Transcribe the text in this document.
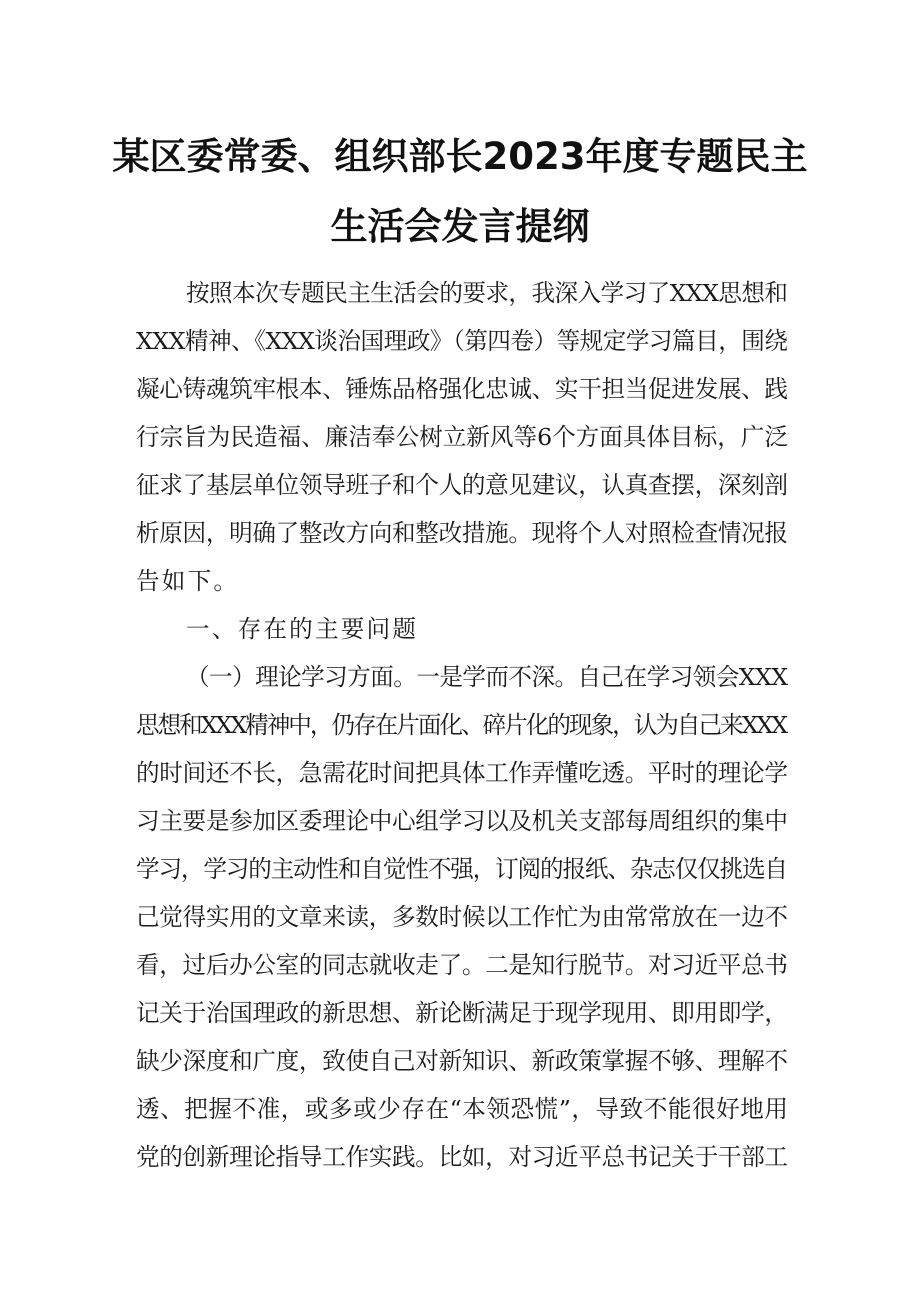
某区委常委、组织部长2023年度专题民主
生活会发言提纲

按照本次专题民主生活会的要求，我深入学习了XXX思想和

XXX精神、《XXX谈治国理政》（第四卷）等规定学习篇目，围绕

凝心铸魂筑牢根本、锤炼品格强化忠诚、实干担当促进发展、践

行宗旨为民造福、廉洁奉公树立新风等6个方面具体目标，广泛

征求了基层单位领导班子和个人的意见建议，认真查摆，深刻剖

析原因，明确了整改方向和整改措施。现将个人对照检查情况报

告如下。

一、存在的主要问题

（一）理论学习方面。一是学而不深。自己在学习领会XXX

思想和XXX精神中，仍存在片面化、碎片化的现象，认为自己来XXX

的时间还不长，急需花时间把具体工作弄懂吃透。平时的理论学

习主要是参加区委理论中心组学习以及机关支部每周组织的集中

学习，学习的主动性和自觉性不强，订阅的报纸、杂志仅仅挑选自

己觉得实用的文章来读，多数时候以工作忙为由常常放在一边不

看，过后办公室的同志就收走了。二是知行脱节。对习近平总书

记关于治国理政的新思想、新论断满足于现学现用、即用即学，

缺少深度和广度，致使自己对新知识、新政策掌握不够、理解不

透、把握不准，或多或少存在“本领恐慌”，导致不能很好地用

党的创新理论指导工作实践。比如，对习近平总书记关于干部工
